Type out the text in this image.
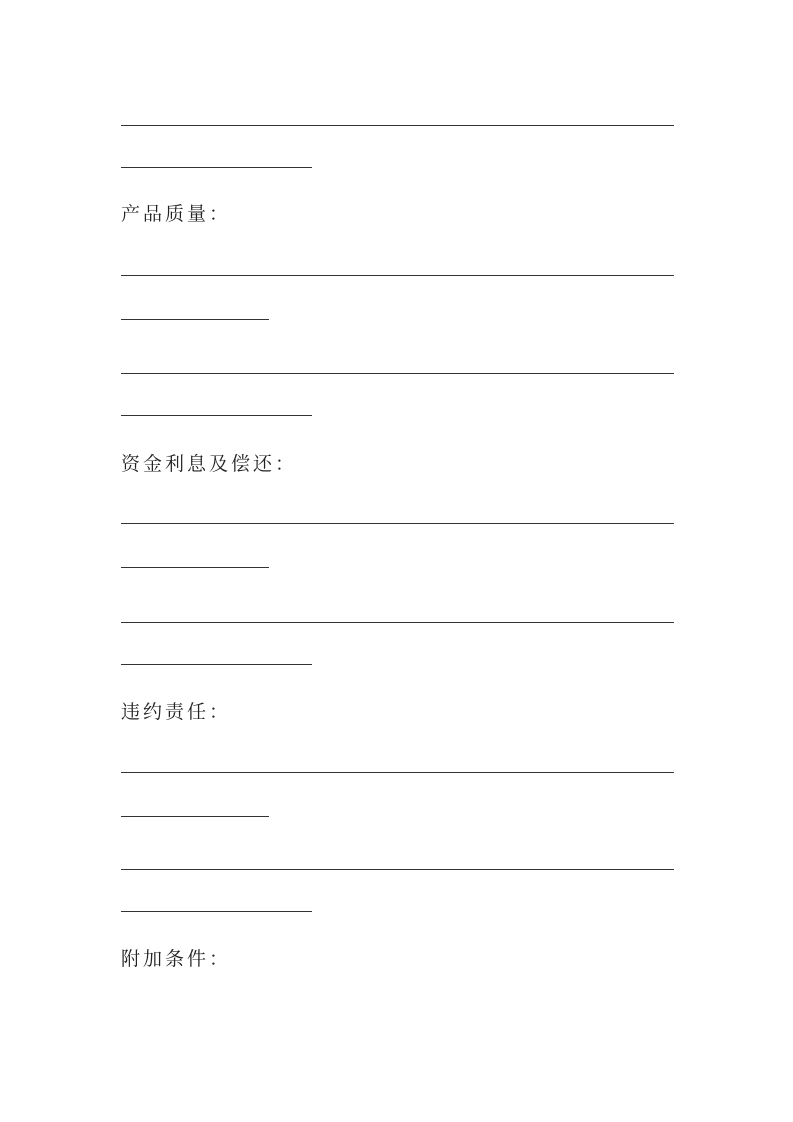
产品质量：
资金利息及偿还：
违约责任：
附加条件：
